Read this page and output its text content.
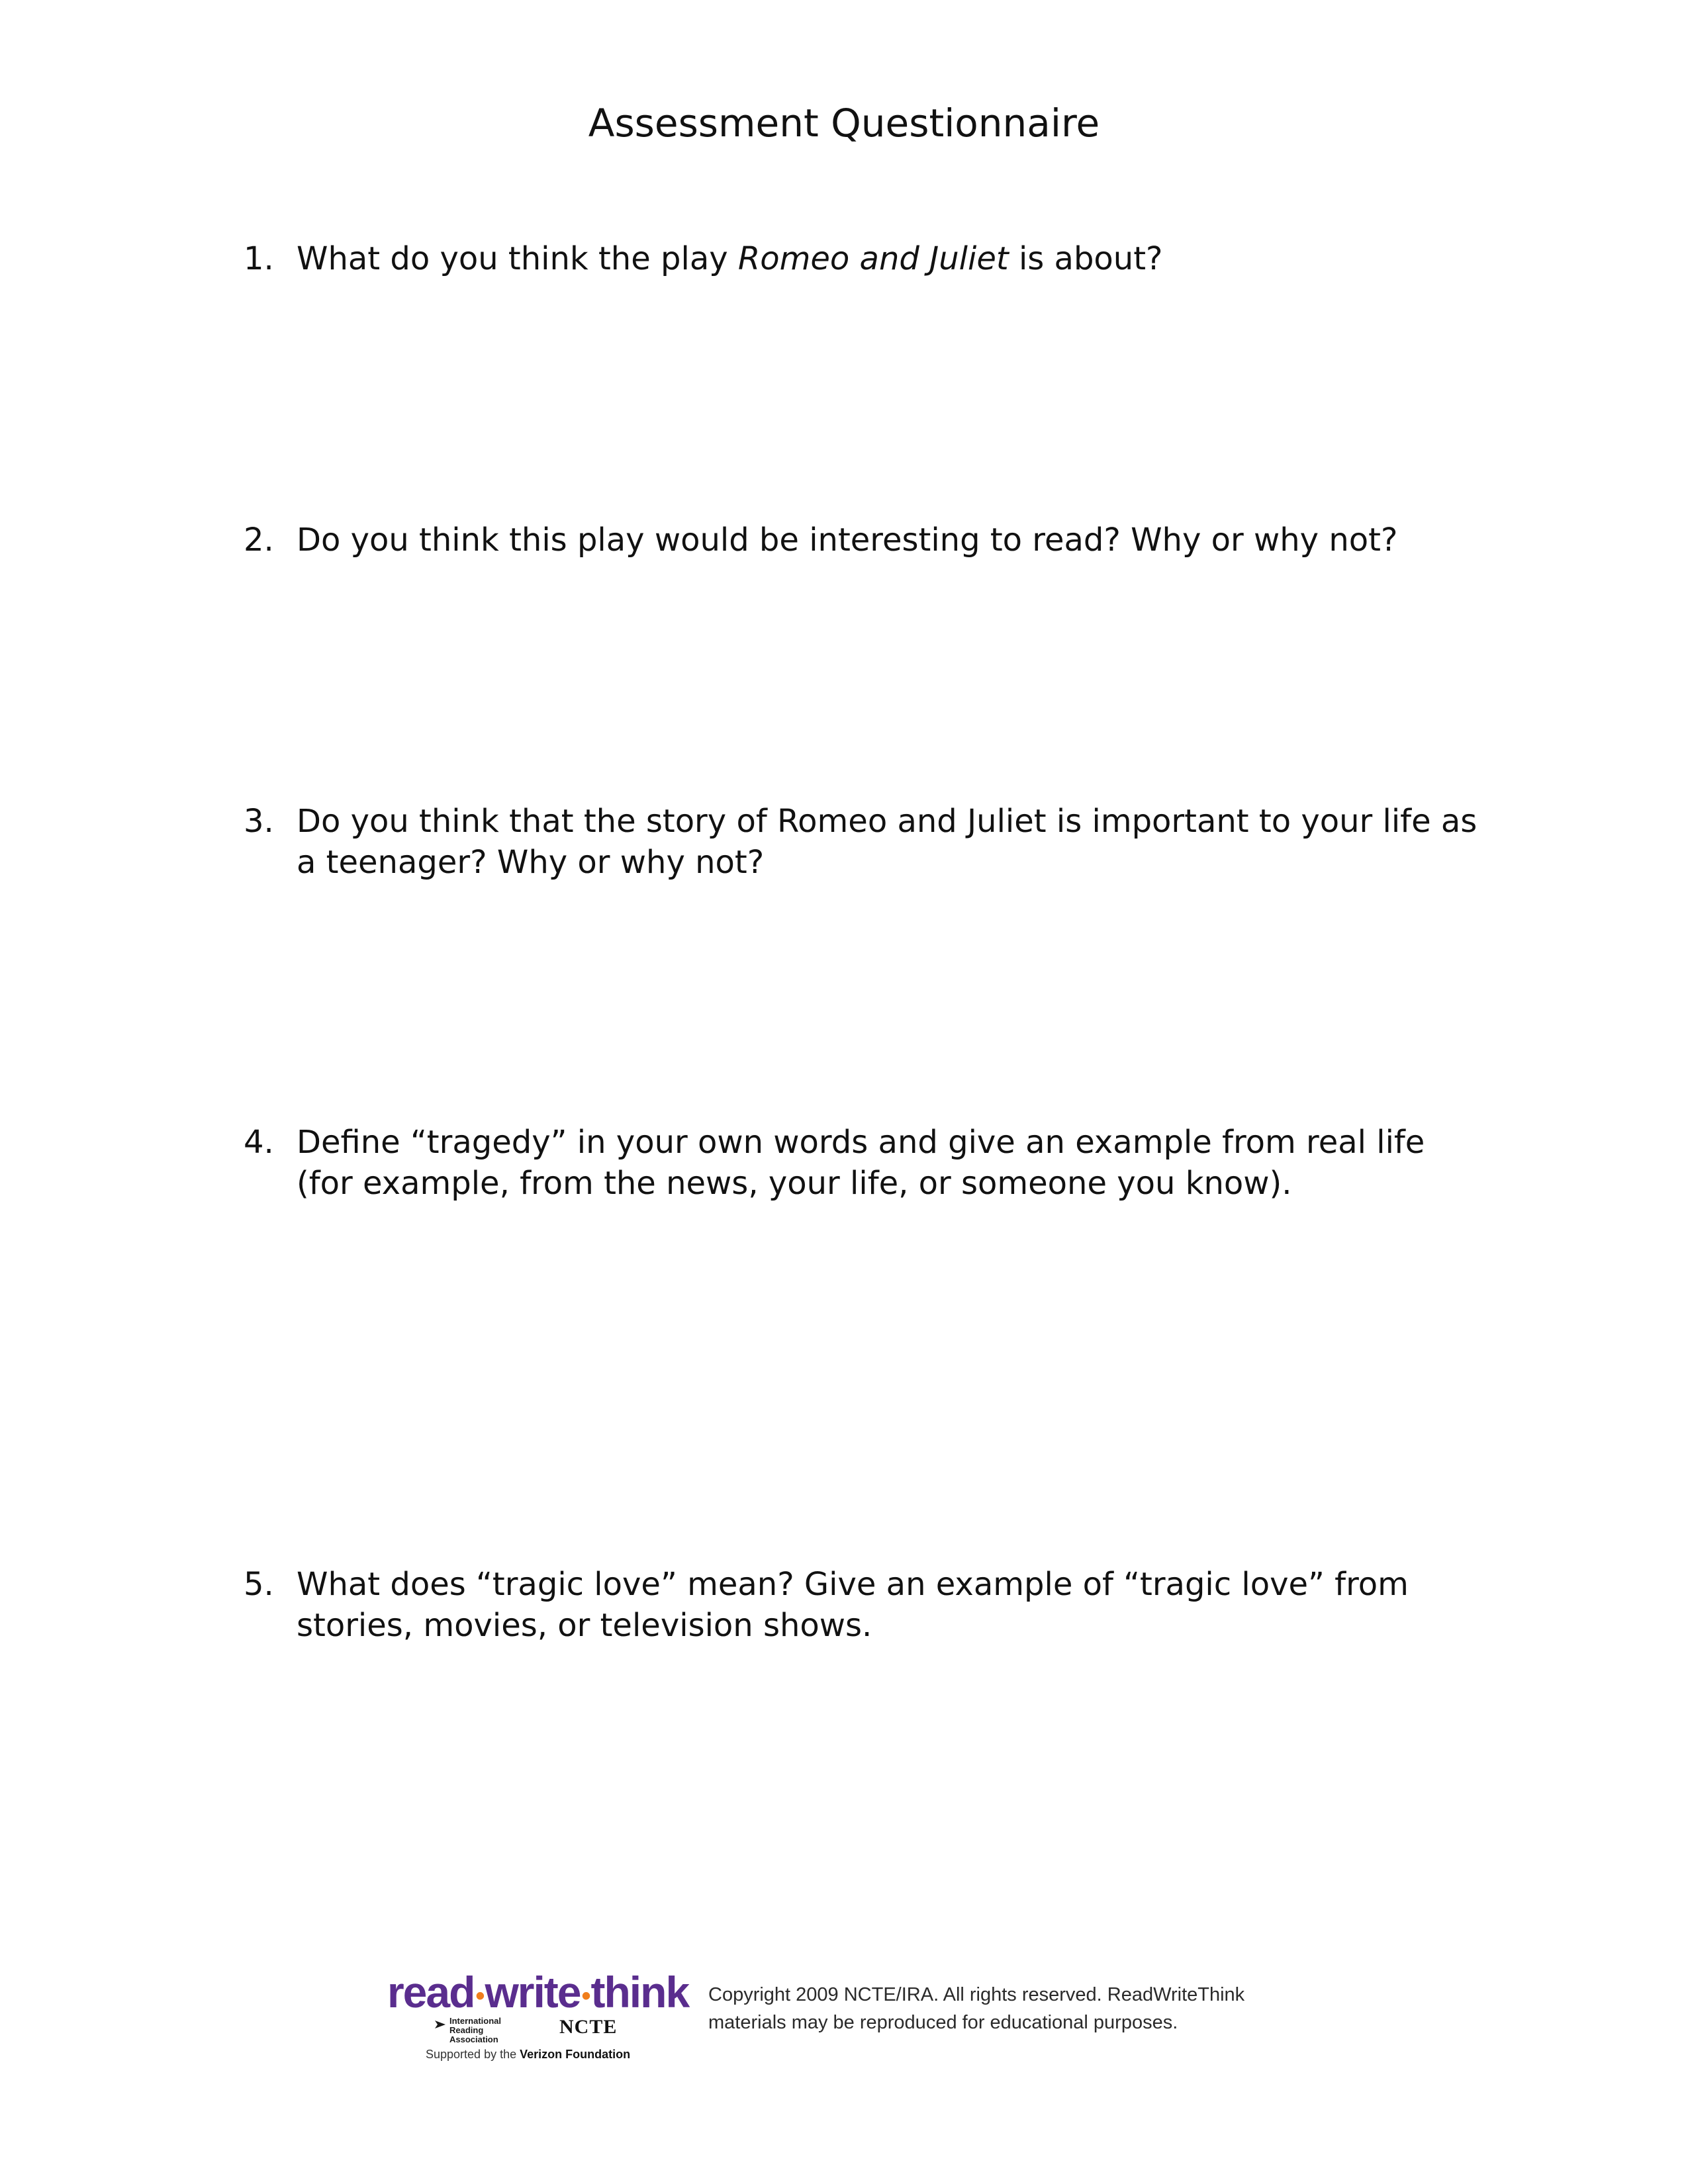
Assessment Questionnaire
1. What do you think the play Romeo and Juliet is about?
2. Do you think this play would be interesting to read? Why or why not?
3. Do you think that the story of Romeo and Juliet is important to your life as a teenager? Why or why not?
4. Define “tragedy” in your own words and give an example from real life (for example, from the news, your life, or someone you know).
5. What does “tragic love” mean? Give an example of “tragic love” from stories, movies, or television shows.
read•write•think
International Reading Association
NCTE
Supported by the Verizon Foundation
Copyright 2009 NCTE/IRA. All rights reserved. ReadWriteThink
materials may be reproduced for educational purposes.
